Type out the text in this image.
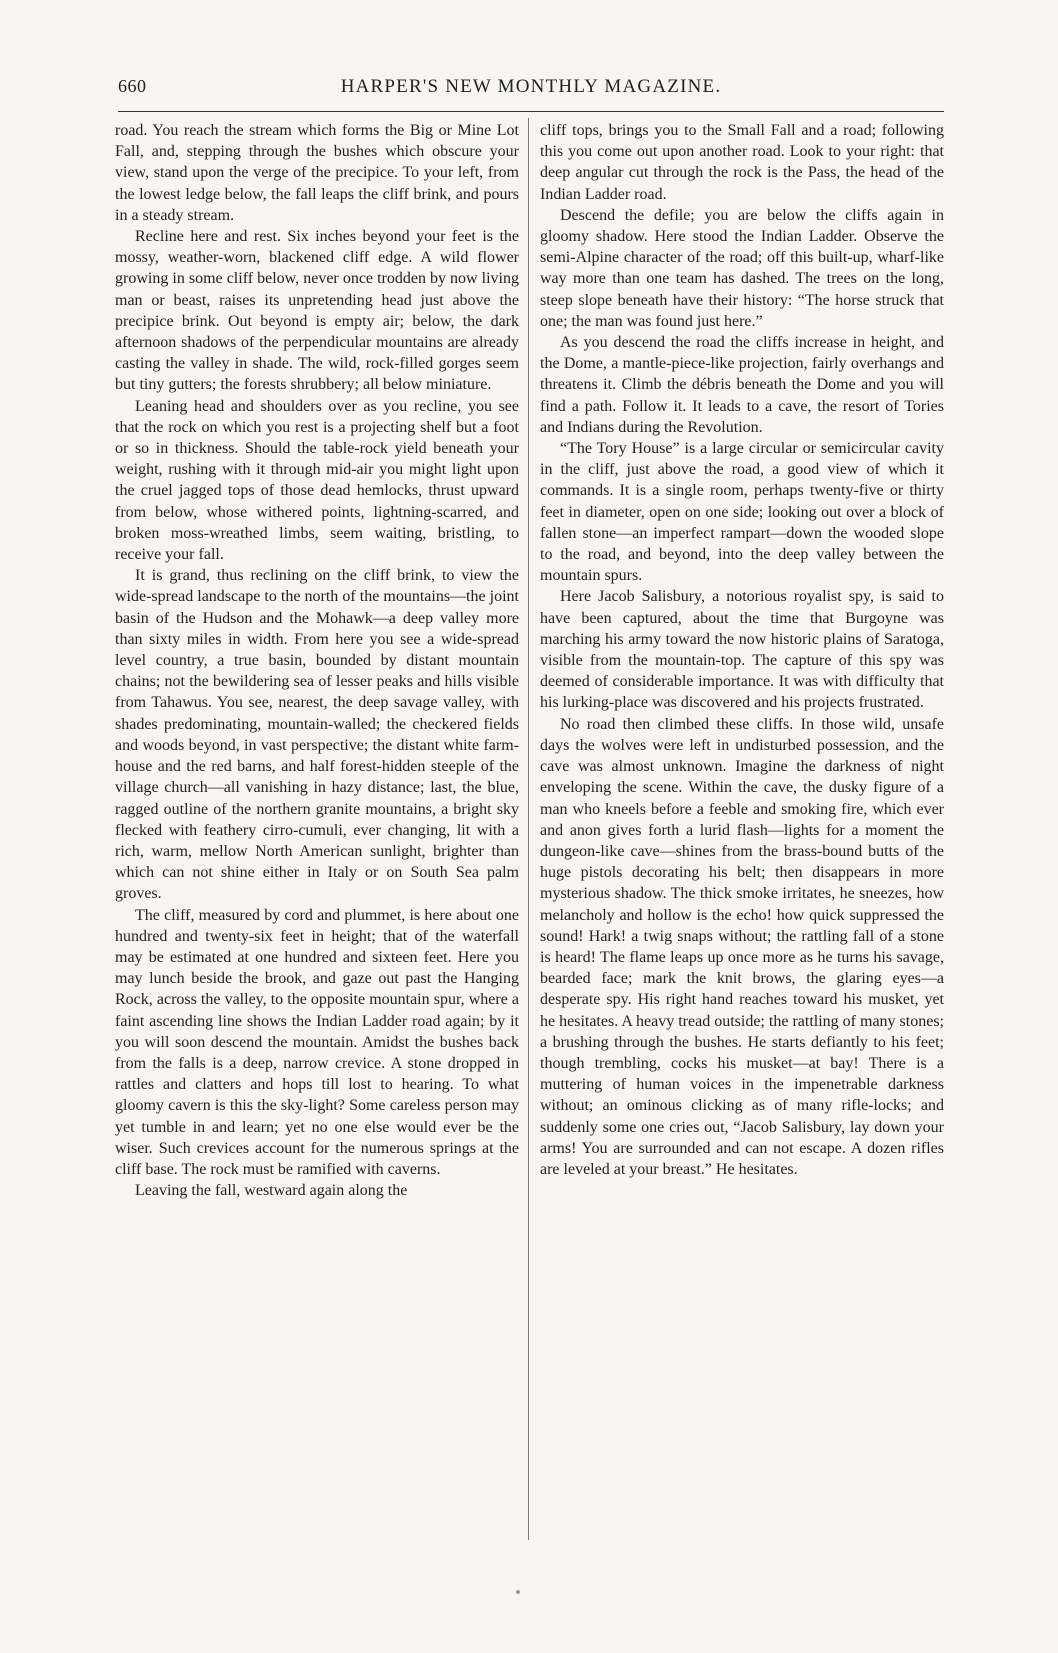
660	HARPER'S NEW MONTHLY MAGAZINE.

road. You reach the stream which forms the Big or Mine Lot Fall, and, stepping through the bushes which obscure your view, stand upon the verge of the precipice. To your left, from the lowest ledge below, the fall leaps the cliff brink, and pours in a steady stream.

Recline here and rest. Six inches beyond your feet is the mossy, weather-worn, blackened cliff edge. A wild flower growing in some cliff below, never once trodden by now living man or beast, raises its unpretending head just above the precipice brink. Out beyond is empty air; below, the dark afternoon shadows of the perpendicular mountains are already casting the valley in shade. The wild, rock-filled gorges seem but tiny gutters; the forests shrubbery; all below miniature.

Leaning head and shoulders over as you recline, you see that the rock on which you rest is a projecting shelf but a foot or so in thickness. Should the table-rock yield beneath your weight, rushing with it through mid-air you might light upon the cruel jagged tops of those dead hemlocks, thrust upward from below, whose withered points, lightning-scarred, and broken moss-wreathed limbs, seem waiting, bristling, to receive your fall.

It is grand, thus reclining on the cliff brink, to view the wide-spread landscape to the north of the mountains—the joint basin of the Hudson and the Mohawk—a deep valley more than sixty miles in width. From here you see a wide-spread level country, a true basin, bounded by distant mountain chains; not the bewildering sea of lesser peaks and hills visible from Tahawus. You see, nearest, the deep savage valley, with shades predominating, mountain-walled; the checkered fields and woods beyond, in vast perspective; the distant white farm-house and the red barns, and half forest-hidden steeple of the village church—all vanishing in hazy distance; last, the blue, ragged outline of the northern granite mountains, a bright sky flecked with feathery cirro-cumuli, ever changing, lit with a rich, warm, mellow North American sunlight, brighter than which can not shine either in Italy or on South Sea palm groves.

The cliff, measured by cord and plummet, is here about one hundred and twenty-six feet in height; that of the waterfall may be estimated at one hundred and sixteen feet. Here you may lunch beside the brook, and gaze out past the Hanging Rock, across the valley, to the opposite mountain spur, where a faint ascending line shows the Indian Ladder road again; by it you will soon descend the mountain. Amidst the bushes back from the falls is a deep, narrow crevice. A stone dropped in rattles and clatters and hops till lost to hearing. To what gloomy cavern is this the sky-light? Some careless person may yet tumble in and learn; yet no one else would ever be the wiser. Such crevices account for the numerous springs at the cliff base. The rock must be ramified with caverns.

Leaving the fall, westward again along the

cliff tops, brings you to the Small Fall and a road; following this you come out upon another road. Look to your right: that deep angular cut through the rock is the Pass, the head of the Indian Ladder road.

Descend the defile; you are below the cliffs again in gloomy shadow. Here stood the Indian Ladder. Observe the semi-Alpine character of the road; off this built-up, wharf-like way more than one team has dashed. The trees on the long, steep slope beneath have their history: “The horse struck that one; the man was found just here.”

As you descend the road the cliffs increase in height, and the Dome, a mantle-piece-like projection, fairly overhangs and threatens it. Climb the débris beneath the Dome and you will find a path. Follow it. It leads to a cave, the resort of Tories and Indians during the Revolution.

“The Tory House” is a large circular or semicircular cavity in the cliff, just above the road, a good view of which it commands. It is a single room, perhaps twenty-five or thirty feet in diameter, open on one side; looking out over a block of fallen stone—an imperfect rampart—down the wooded slope to the road, and beyond, into the deep valley between the mountain spurs.

Here Jacob Salisbury, a notorious royalist spy, is said to have been captured, about the time that Burgoyne was marching his army toward the now historic plains of Saratoga, visible from the mountain-top. The capture of this spy was deemed of considerable importance. It was with difficulty that his lurking-place was discovered and his projects frustrated.

No road then climbed these cliffs. In those wild, unsafe days the wolves were left in undisturbed possession, and the cave was almost unknown. Imagine the darkness of night enveloping the scene. Within the cave, the dusky figure of a man who kneels before a feeble and smoking fire, which ever and anon gives forth a lurid flash—lights for a moment the dungeon-like cave—shines from the brass-bound butts of the huge pistols decorating his belt; then disappears in more mysterious shadow. The thick smoke irritates, he sneezes, how melancholy and hollow is the echo! how quick suppressed the sound! Hark! a twig snaps without; the rattling fall of a stone is heard! The flame leaps up once more as he turns his savage, bearded face; mark the knit brows, the glaring eyes—a desperate spy. His right hand reaches toward his musket, yet he hesitates. A heavy tread outside; the rattling of many stones; a brushing through the bushes. He starts defiantly to his feet; though trembling, cocks his musket—at bay! There is a muttering of human voices in the impenetrable darkness without; an ominous clicking as of many rifle-locks; and suddenly some one cries out, “Jacob Salisbury, lay down your arms! You are surrounded and can not escape. A dozen rifles are leveled at your breast.” He hesitates.
